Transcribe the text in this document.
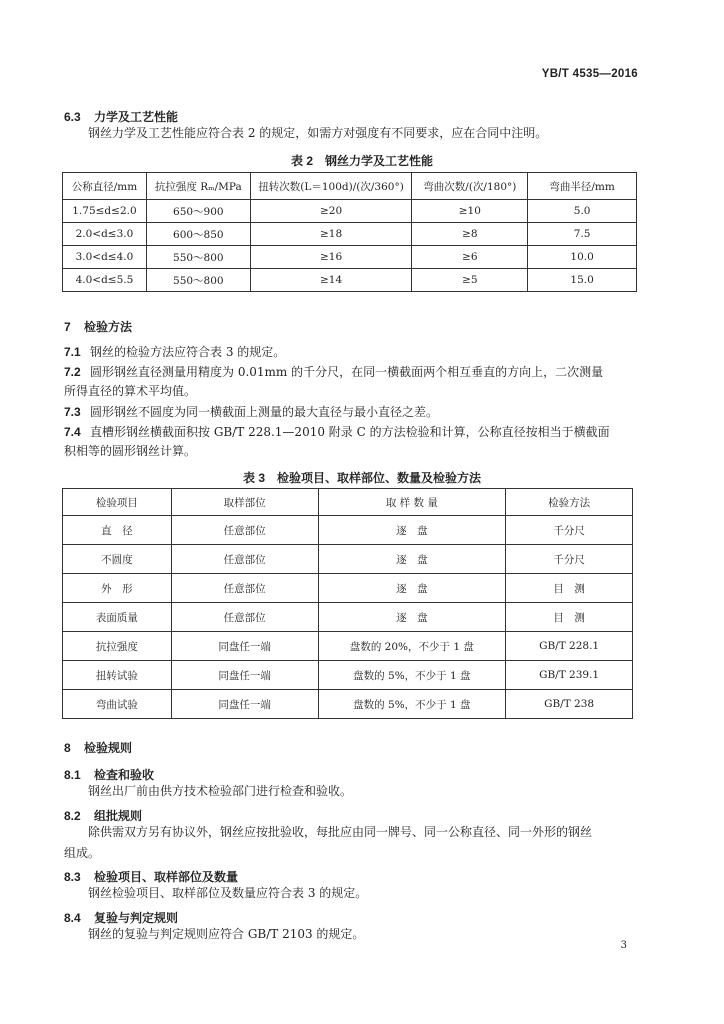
YB/T 4535—2016
6.3 力学及工艺性能
钢丝力学及工艺性能应符合表 2 的规定，如需方对强度有不同要求，应在合同中注明。
表 2　钢丝力学及工艺性能
公称直径/mm	抗拉强度 Rₘ/MPa	扭转次数(L＝100d)/(次/360°)	弯曲次数/(次/180°)	弯曲半径/mm
1.75≤d≤2.0	650～900	≥20	≥10	5.0
2.0<d≤3.0	600～850	≥18	≥8	7.5
3.0<d≤4.0	550～800	≥16	≥6	10.0
4.0<d≤5.5	550～800	≥14	≥5	15.0
7 检验方法
7.1 钢丝的检验方法应符合表 3 的规定。
7.2 圆形钢丝直径测量用精度为 0.01mm 的千分尺，在同一横截面两个相互垂直的方向上，二次测量
所得直径的算术平均值。
7.3 圆形钢丝不圆度为同一横截面上测量的最大直径与最小直径之差。
7.4 直槽形钢丝横截面积按 GB/T 228.1—2010 附录 C 的方法检验和计算，公称直径按相当于横截面
积相等的圆形钢丝计算。
表 3　检验项目、取样部位、数量及检验方法
检验项目	取样部位	取 样 数 量	检验方法
直　径	任意部位	逐　盘	千分尺
不圆度	任意部位	逐　盘	千分尺
外　形	任意部位	逐　盘	目　测
表面质量	任意部位	逐　盘	目　测
抗拉强度	同盘任一端	盘数的 20%，不少于 1 盘	GB/T 228.1
扭转试验	同盘任一端	盘数的 5%，不少于 1 盘	GB/T 239.1
弯曲试验	同盘任一端	盘数的 5%，不少于 1 盘	GB/T 238
8 检验规则
8.1 检查和验收
钢丝出厂前由供方技术检验部门进行检查和验收。
8.2 组批规则
除供需双方另有协议外，钢丝应按批验收，每批应由同一牌号、同一公称直径、同一外形的钢丝
组成。
8.3 检验项目、取样部位及数量
钢丝检验项目、取样部位及数量应符合表 3 的规定。
8.4 复验与判定规则
钢丝的复验与判定规则应符合 GB/T 2103 的规定。
3
